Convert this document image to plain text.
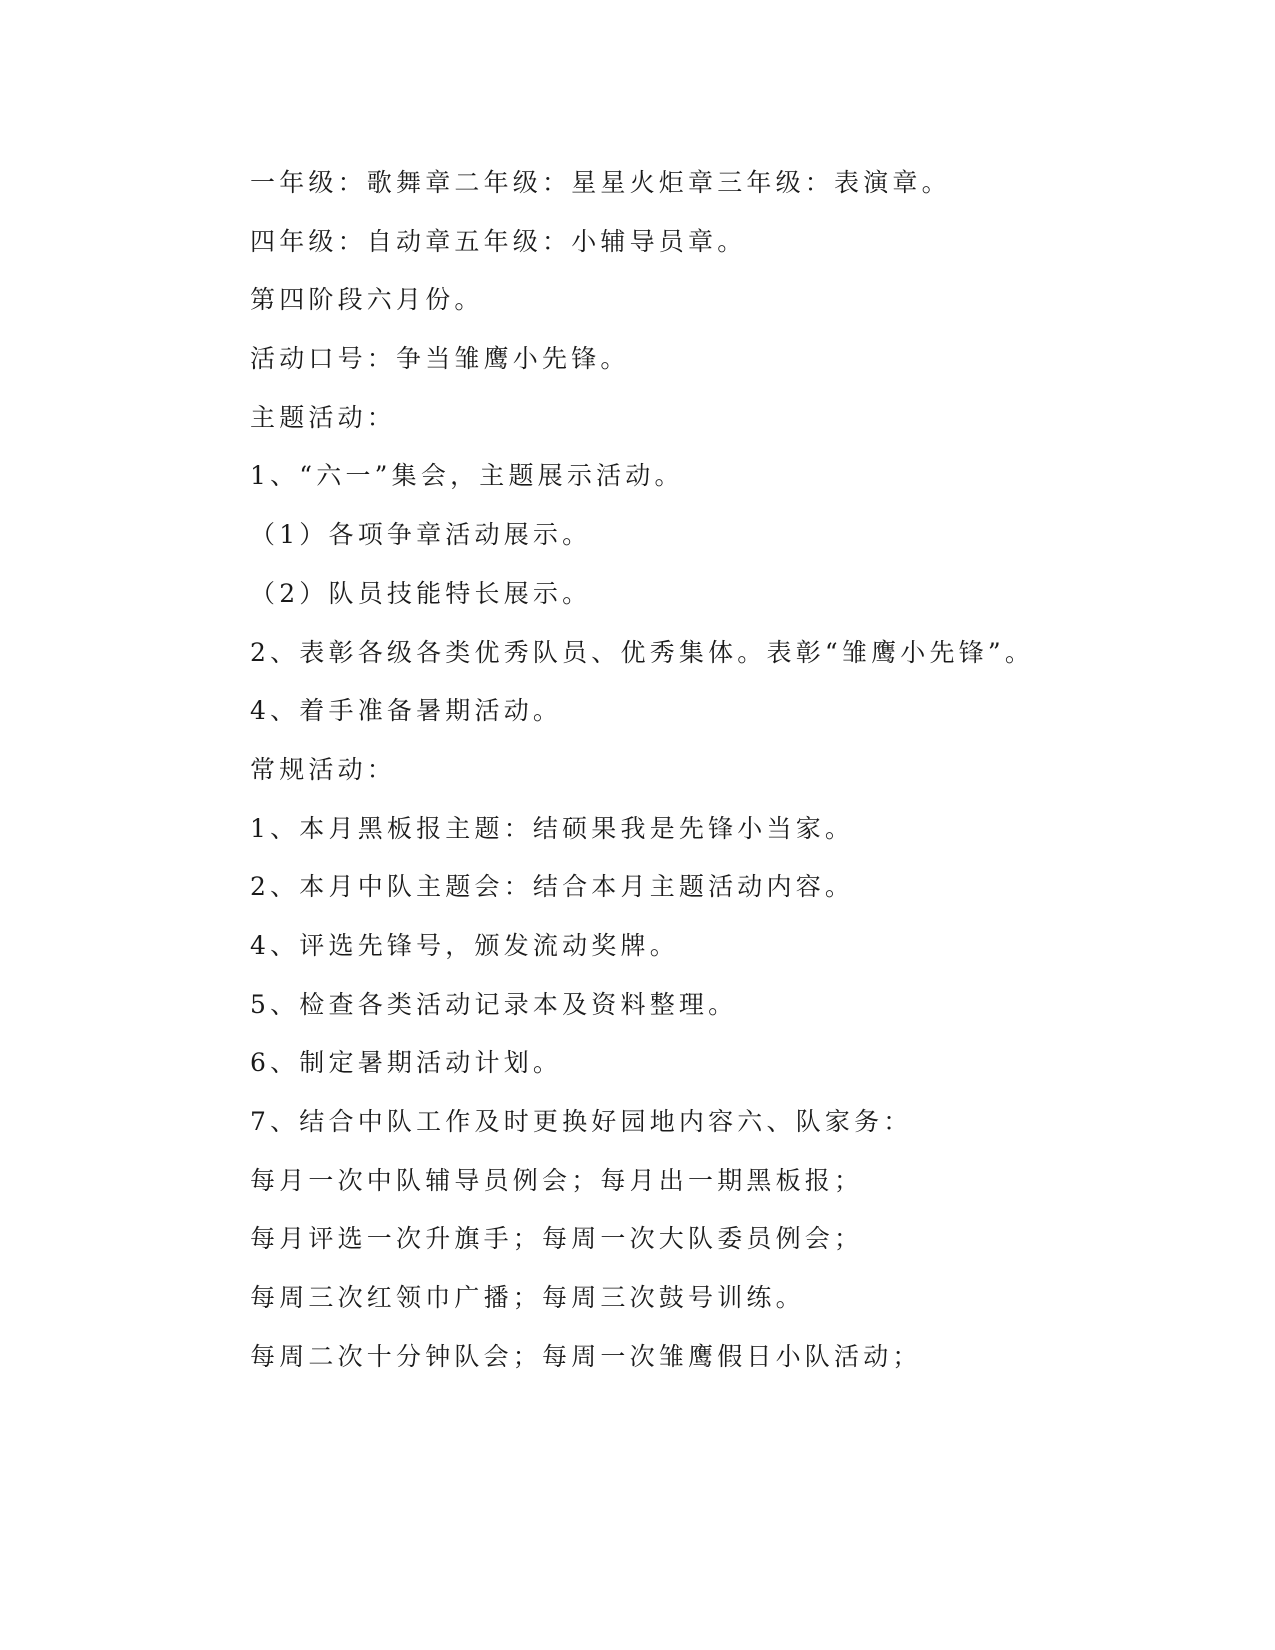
一年级：歌舞章二年级：星星火炬章三年级：表演章。
四年级：自动章五年级：小辅导员章。
第四阶段六月份。
活动口号：争当雏鹰小先锋。
主题活动：
1、“六一”集会，主题展示活动。
（1）各项争章活动展示。
（2）队员技能特长展示。
2、表彰各级各类优秀队员、优秀集体。表彰“雏鹰小先锋”。
4、着手准备暑期活动。
常规活动：
1、本月黑板报主题：结硕果我是先锋小当家。
2、本月中队主题会：结合本月主题活动内容。
4、评选先锋号，颁发流动奖牌。
5、检查各类活动记录本及资料整理。
6、制定暑期活动计划。
7、结合中队工作及时更换好园地内容六、队家务：
每月一次中队辅导员例会；每月出一期黑板报；
每月评选一次升旗手；每周一次大队委员例会；
每周三次红领巾广播；每周三次鼓号训练。
每周二次十分钟队会；每周一次雏鹰假日小队活动；
